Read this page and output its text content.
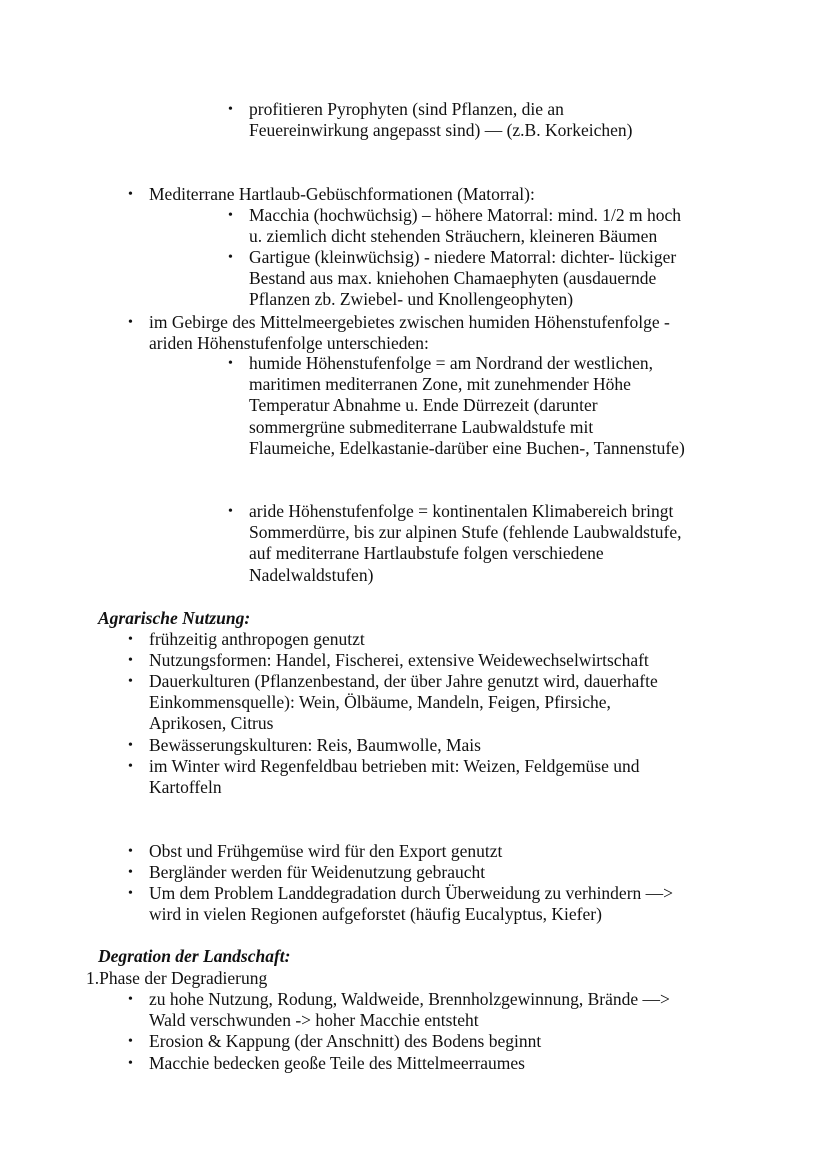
• profitieren Pyrophyten (sind Pflanzen, die an
Feuereinwirkung angepasst sind) — (z.B. Korkeichen)
• Mediterrane Hartlaub-Gebüschformationen (Matorral):
• Macchia (hochwüchsig) – höhere Matorral: mind. 1/2 m hoch
u. ziemlich dicht stehenden Sträuchern, kleineren Bäumen
• Gartigue (kleinwüchsig) - niedere Matorral: dichter- lückiger
Bestand aus max. kniehohen Chamaephyten (ausdauernde
Pflanzen zb. Zwiebel- und Knollengeophyten)
• im Gebirge des Mittelmeergebietes zwischen humiden Höhenstufenfolge -
ariden Höhenstufenfolge unterschieden:
• humide Höhenstufenfolge = am Nordrand der westlichen,
maritimen mediterranen Zone, mit zunehmender Höhe
Temperatur Abnahme u. Ende Dürrezeit (darunter
sommergrüne submediterrane Laubwaldstufe mit
Flaumeiche, Edelkastanie-darüber eine Buchen-, Tannenstufe)
• aride Höhenstufenfolge = kontinentalen Klimabereich bringt
Sommerdürre, bis zur alpinen Stufe (fehlende Laubwaldstufe,
auf mediterrane Hartlaubstufe folgen verschiedene
Nadelwaldstufen)
Agrarische Nutzung:
• frühzeitig anthropogen genutzt
• Nutzungsformen: Handel, Fischerei, extensive Weidewechselwirtschaft
• Dauerkulturen (Pflanzenbestand, der über Jahre genutzt wird, dauerhafte
Einkommensquelle): Wein, Ölbäume, Mandeln, Feigen, Pfirsiche,
Aprikosen, Citrus
• Bewässerungskulturen: Reis, Baumwolle, Mais
• im Winter wird Regenfeldbau betrieben mit: Weizen, Feldgemüse und
Kartoffeln
• Obst und Frühgemüse wird für den Export genutzt
• Bergländer werden für Weidenutzung gebraucht
• Um dem Problem Landdegradation durch Überweidung zu verhindern —>
wird in vielen Regionen aufgeforstet (häufig Eucalyptus, Kiefer)
Degration der Landschaft:
1.Phase der Degradierung
• zu hohe Nutzung, Rodung, Waldweide, Brennholzgewinnung, Brände —>
Wald verschwunden -> hoher Macchie entsteht
• Erosion & Kappung (der Anschnitt) des Bodens beginnt
• Macchie bedecken geoße Teile des Mittelmeerraumes
